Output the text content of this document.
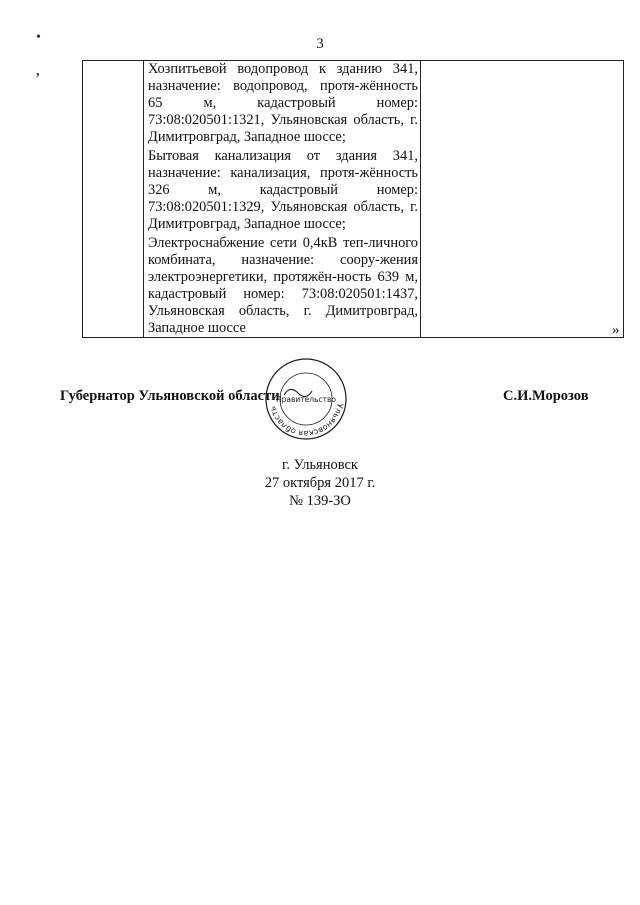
3
•
,
		Хозпитьевой водопровод к зданию 341, назначение: водопровод, протя-жённость 65 м, кадастровый номер: 73:08:020501:1321, Ульяновская область, г. Димитровград, Западное шоссе;

Бытовая канализация от здания 341, назначение: канализация, протя-жённость 326 м, кадастровый номер: 73:08:020501:1329, Ульяновская область, г. Димитровград, Западное шоссе;

Электроснабжение сети 0,4кВ теп-личного комбината, назначение: соору-жения электроэнергетики, протяжён-ность 639 м, кадастровый номер: 73:08:020501:1437, Ульяновская область, г. Димитровград, Западное шоссе

		»
Губернатор Ульяновской области	С.И.Морозов
Ульяновская область
Правительство
г. Ульяновск
27 октября 2017 г.
№ 139-ЗО
